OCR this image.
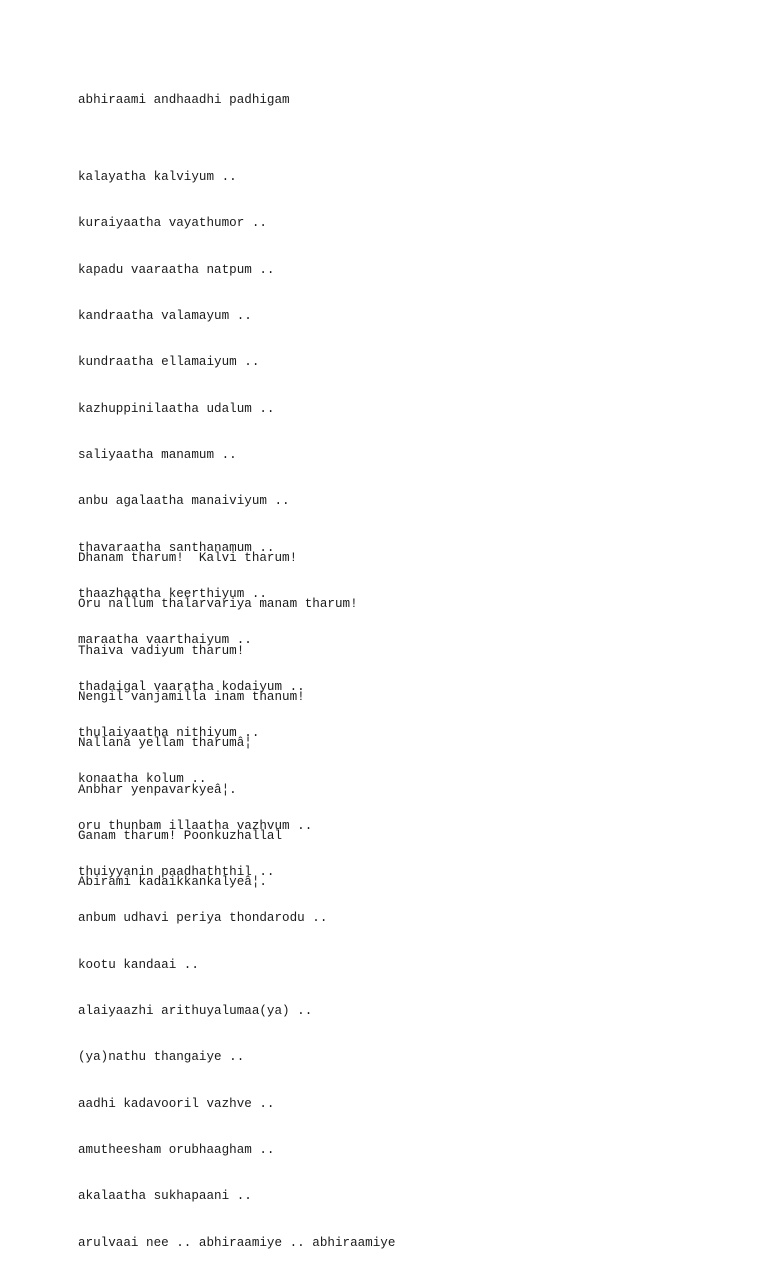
abhiraami andhaadhi padhigam

kalayatha kalviyum ..

kuraiyaatha vayathumor ..

kapadu vaaraatha natpum ..

kandraatha valamayum ..

kundraatha ellamaiyum ..

kazhuppinilaatha udalum ..

saliyaatha manamum ..

anbu agalaatha manaiviyum ..

thavaraatha santhanamum ..

thaazhaatha keerthiyum ..

maraatha vaarthaiyum ..

thadaigal vaaratha kodaiyum ..

thulaiyaatha nithiyum ..

konaatha kolum ..

oru thunbam illaatha vazhvum ..

thuiyyanin paadhaththil ..

anbum udhavi periya thondarodu ..

kootu kandaai ..

alaiyaazhi arithuyalumaa(ya) ..

(ya)nathu thangaiye ..

aadhi kadavooril vazhve ..

amutheesham orubhaagham ..

akalaatha sukhapaani ..

arulvaai nee .. abhiraamiye .. abhiraamiye

Dhanam tharum!  Kalvi tharum!

Oru nallum thalarvariya manam tharum!

Thaiva vadiyum tharum!

Nengil vanjamilla inam thanum!

Nallana yellam tharumâ¦

Anbhar yenpavarkyeâ¦.

Ganam tharum! Poonkuzhallal

Abirami kadaikkankalyeâ¦.
